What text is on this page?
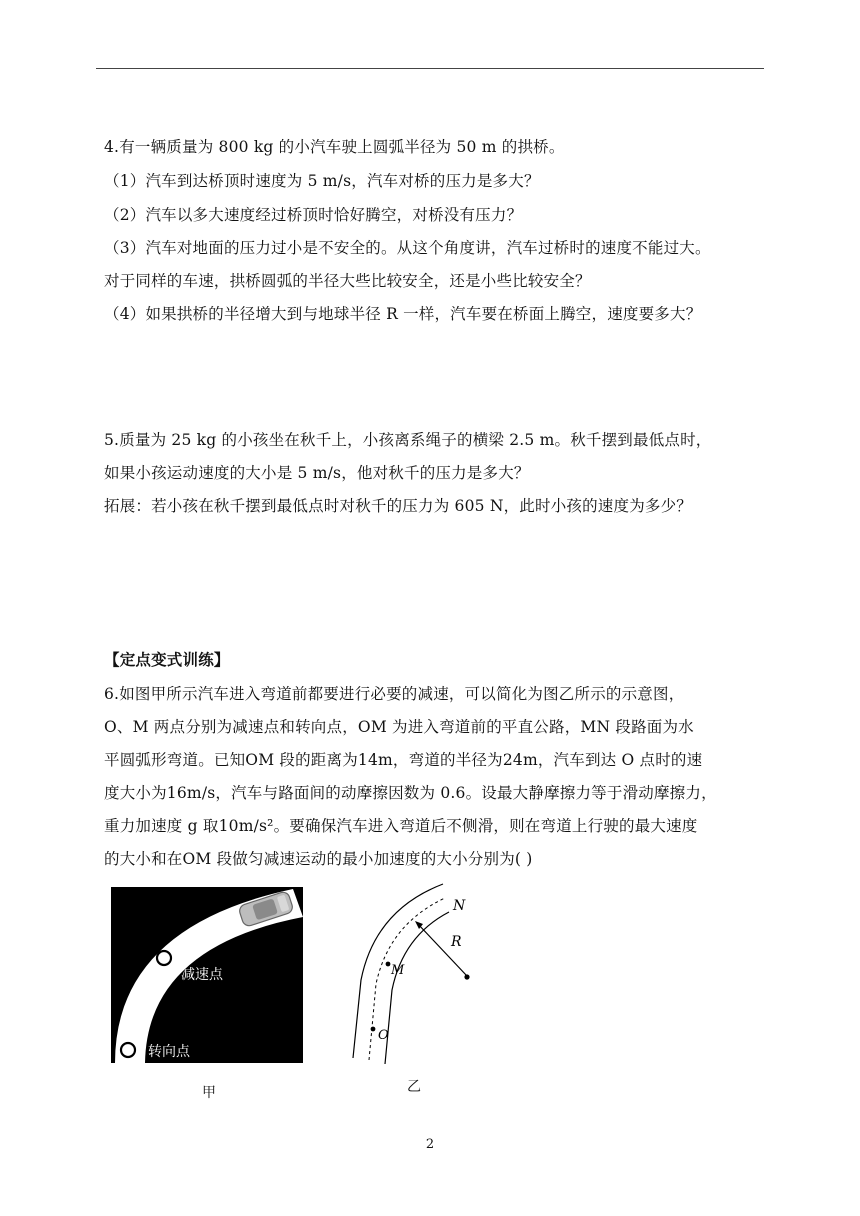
4.有一辆质量为 800 kg 的小汽车驶上圆弧半径为 50 m 的拱桥。
（1）汽车到达桥顶时速度为 5 m/s，汽车对桥的压力是多大？
（2）汽车以多大速度经过桥顶时恰好腾空，对桥没有压力？
（3）汽车对地面的压力过小是不安全的。从这个角度讲，汽车过桥时的速度不能过大。
对于同样的车速，拱桥圆弧的半径大些比较安全，还是小些比较安全？
（4）如果拱桥的半径增大到与地球半径 R 一样，汽车要在桥面上腾空，速度要多大？
5.质量为 25 kg 的小孩坐在秋千上，小孩离系绳子的横梁 2.5 m。秋千摆到最低点时，
如果小孩运动速度的大小是 5 m/s，他对秋千的压力是多大？
拓展：若小孩在秋千摆到最低点时对秋千的压力为 605 N，此时小孩的速度为多少？
【定点变式训练】
6.如图甲所示汽车进入弯道前都要进行必要的减速，可以简化为图乙所示的示意图，
O、M 两点分别为减速点和转向点，OM 为进入弯道前的平直公路，MN 段路面为水
平圆弧形弯道。已知OM 段的距离为14m，弯道的半径为24m，汽车到达 O 点时的速
度大小为16m/s，汽车与路面间的动摩擦因数为 0.6。设最大静摩擦力等于滑动摩擦力，
重力加速度 g 取10m/s²。要确保汽车进入弯道后不侧滑，则在弯道上行驶的最大速度
的大小和在OM 段做匀减速运动的最小加速度的大小分别为( )
减速点
转向点
甲
N
R
M
O
乙
2
